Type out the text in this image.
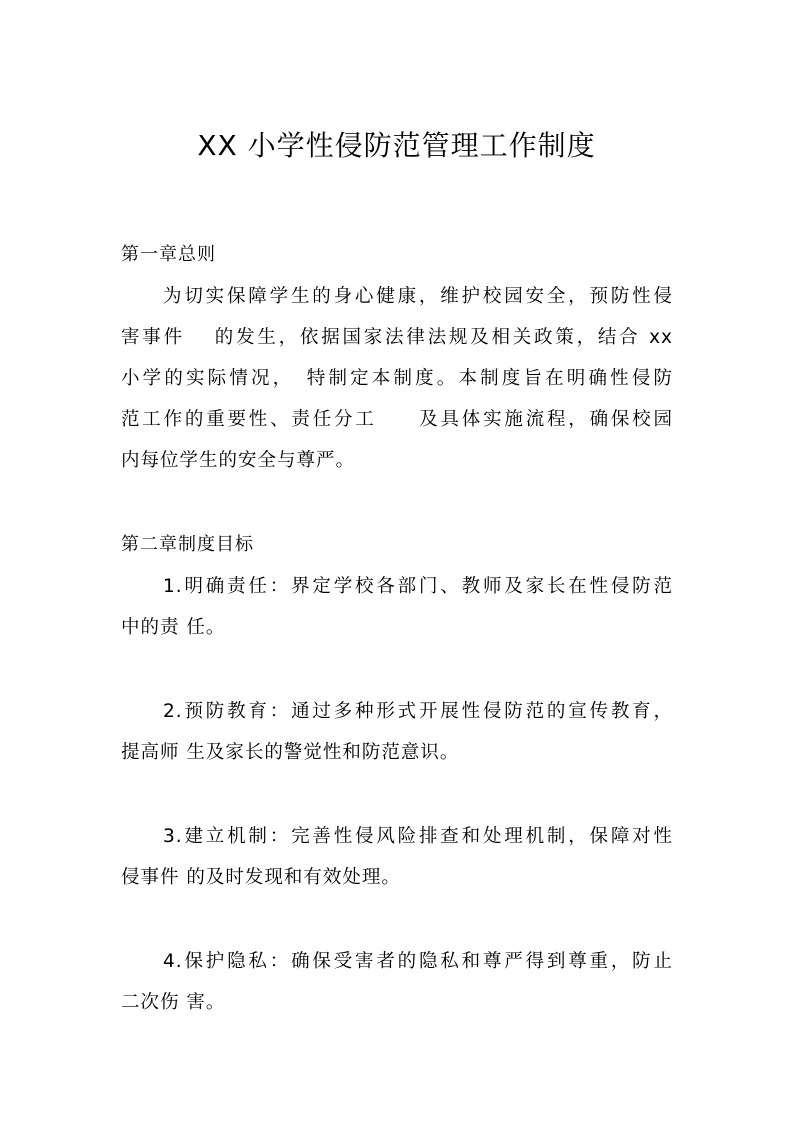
XX 小学性侵防范管理工作制度
第一章总则
为切实保障学生的身心健康，维护校园安全，预防性侵
害事件　 的发生，依据国家法律法规及相关政策，结合 xx
小学的实际情况，　特制定本制度。本制度旨在明确性侵防
范工作的重要性、责任分工　　及具体实施流程，确保校园
内每位学生的安全与尊严。
第二章制度目标
1.明确责任：界定学校各部门、教师及家长在性侵防范
中的责 任。
2.预防教育：通过多种形式开展性侵防范的宣传教育，
提高师 生及家长的警觉性和防范意识。
3.建立机制：完善性侵风险排查和处理机制，保障对性
侵事件 的及时发现和有效处理。
4.保护隐私：确保受害者的隐私和尊严得到尊重，防止
二次伤 害。
